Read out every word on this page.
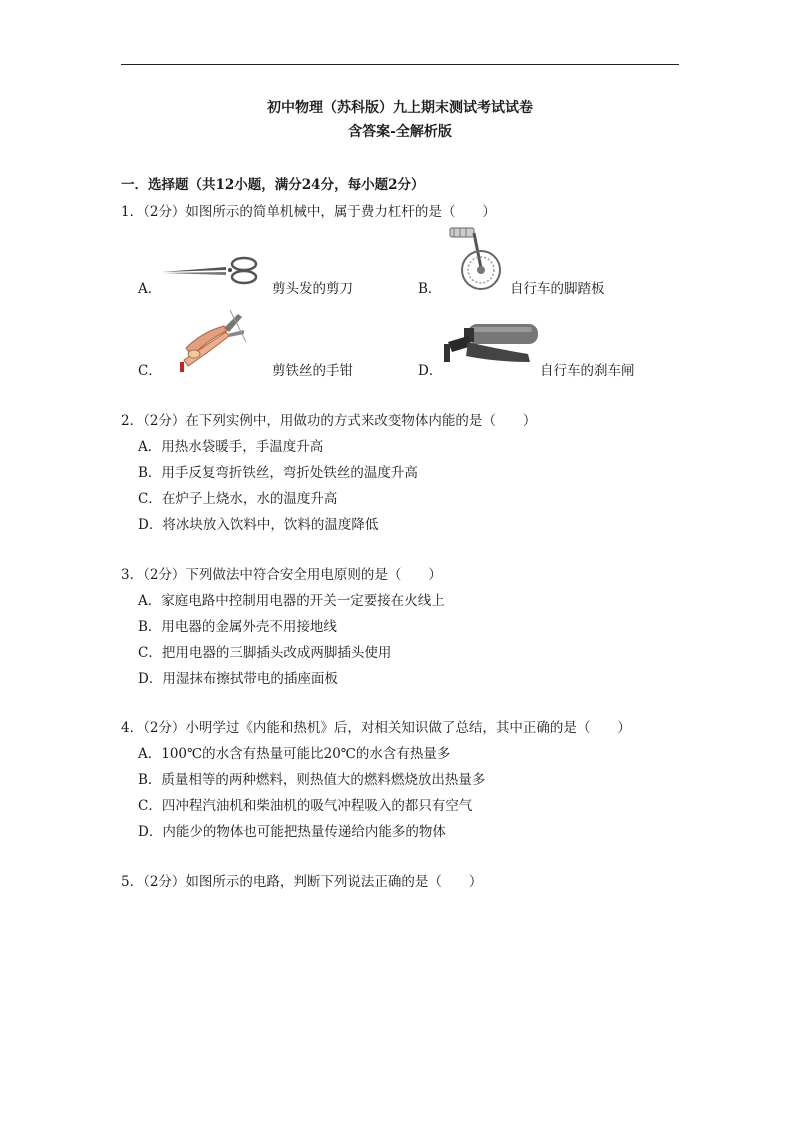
初中物理（苏科版）九上期末测试考试试卷
含答案-全解析版
一．选择题（共12小题，满分24分，每小题2分）
1．（2分）如图所示的简单机械中，属于费力杠杆的是（　　）
A．	剪头发的剪刀	B．	自行车的脚踏板
C．	剪铁丝的手钳	D．	自行车的刹车闸
2．（2分）在下列实例中，用做功的方式来改变物体内能的是（　　）
A．用热水袋暖手，手温度升高
B．用手反复弯折铁丝，弯折处铁丝的温度升高
C．在炉子上烧水，水的温度升高
D．将冰块放入饮料中，饮料的温度降低
3．（2分）下列做法中符合安全用电原则的是（　　）
A．家庭电路中控制用电器的开关一定要接在火线上
B．用电器的金属外壳不用接地线
C．把用电器的三脚插头改成两脚插头使用
D．用湿抹布擦拭带电的插座面板
4．（2分）小明学过《内能和热机》后，对相关知识做了总结，其中正确的是（　　）
A．100℃的水含有热量可能比20℃的水含有热量多
B．质量相等的两种燃料，则热值大的燃料燃烧放出热量多
C．四冲程汽油机和柴油机的吸气冲程吸入的都只有空气
D．内能少的物体也可能把热量传递给内能多的物体
5．（2分）如图所示的电路，判断下列说法正确的是（　　）
